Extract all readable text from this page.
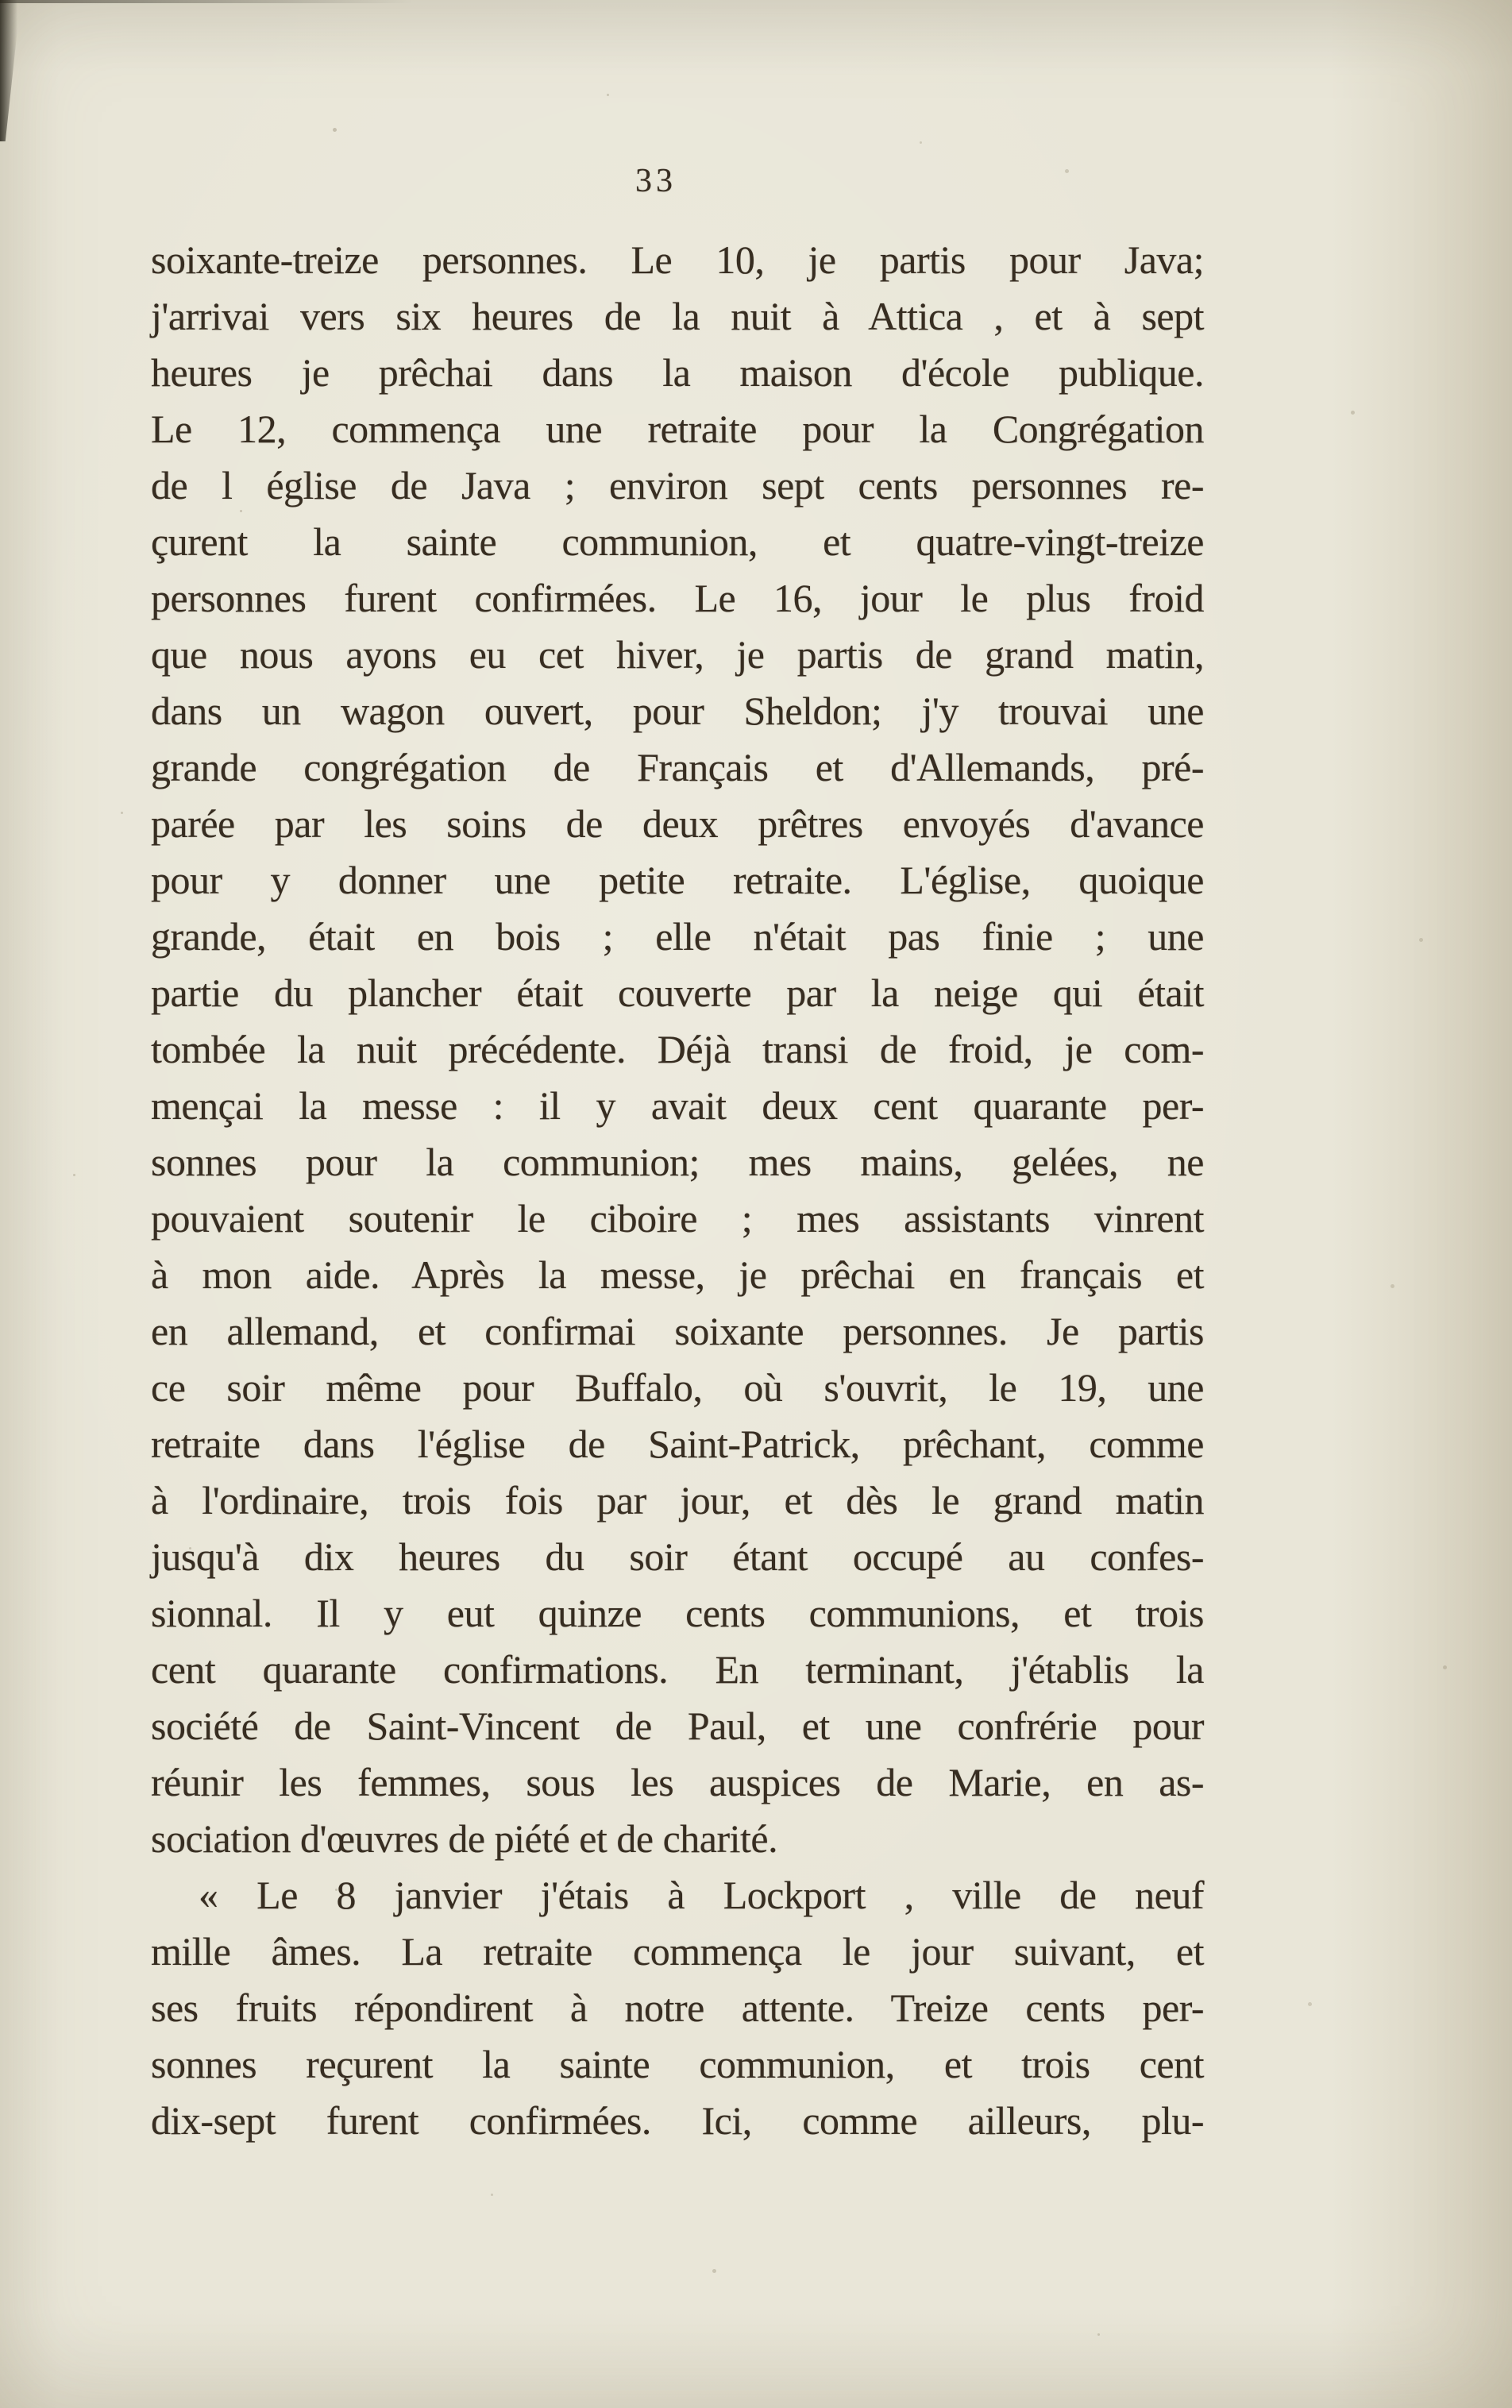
33
soixante-treize personnes. Le 10, je partis pour Java;
j'arrivai vers six heures de la nuit à Attica , et à sept
heures je prêchai dans la maison d'école publique.
Le 12, commença une retraite pour la Congrégation
de l église de Java ; environ sept cents personnes re-
çurent la sainte communion, et quatre-vingt-treize
personnes furent confirmées. Le 16, jour le plus froid
que nous ayons eu cet hiver, je partis de grand matin,
dans un wagon ouvert, pour Sheldon; j'y trouvai une
grande congrégation de Français et d'Allemands, pré-
parée par les soins de deux prêtres envoyés d'avance
pour y donner une petite retraite. L'église, quoique
grande, était en bois ; elle n'était pas finie ; une
partie du plancher était couverte par la neige qui était
tombée la nuit précédente. Déjà transi de froid, je com-
mençai la messe : il y avait deux cent quarante per-
sonnes pour la communion; mes mains, gelées, ne
pouvaient soutenir le ciboire ; mes assistants vinrent
à mon aide. Après la messe, je prêchai en français et
en allemand, et confirmai soixante personnes. Je partis
ce soir même pour Buffalo, où s'ouvrit, le 19, une
retraite dans l'église de Saint-Patrick, prêchant, comme
à l'ordinaire, trois fois par jour, et dès le grand matin
jusqu'à dix heures du soir étant occupé au confes-
sionnal. Il y eut quinze cents communions, et trois
cent quarante confirmations. En terminant, j'établis la
société de Saint-Vincent de Paul, et une confrérie pour
réunir les femmes, sous les auspices de Marie, en as-
sociation d'œuvres de piété et de charité.
« Le 8 janvier j'étais à Lockport , ville de neuf
mille âmes. La retraite commença le jour suivant, et
ses fruits répondirent à notre attente. Treize cents per-
sonnes reçurent la sainte communion, et trois cent
dix-sept furent confirmées. Ici, comme ailleurs, plu-
